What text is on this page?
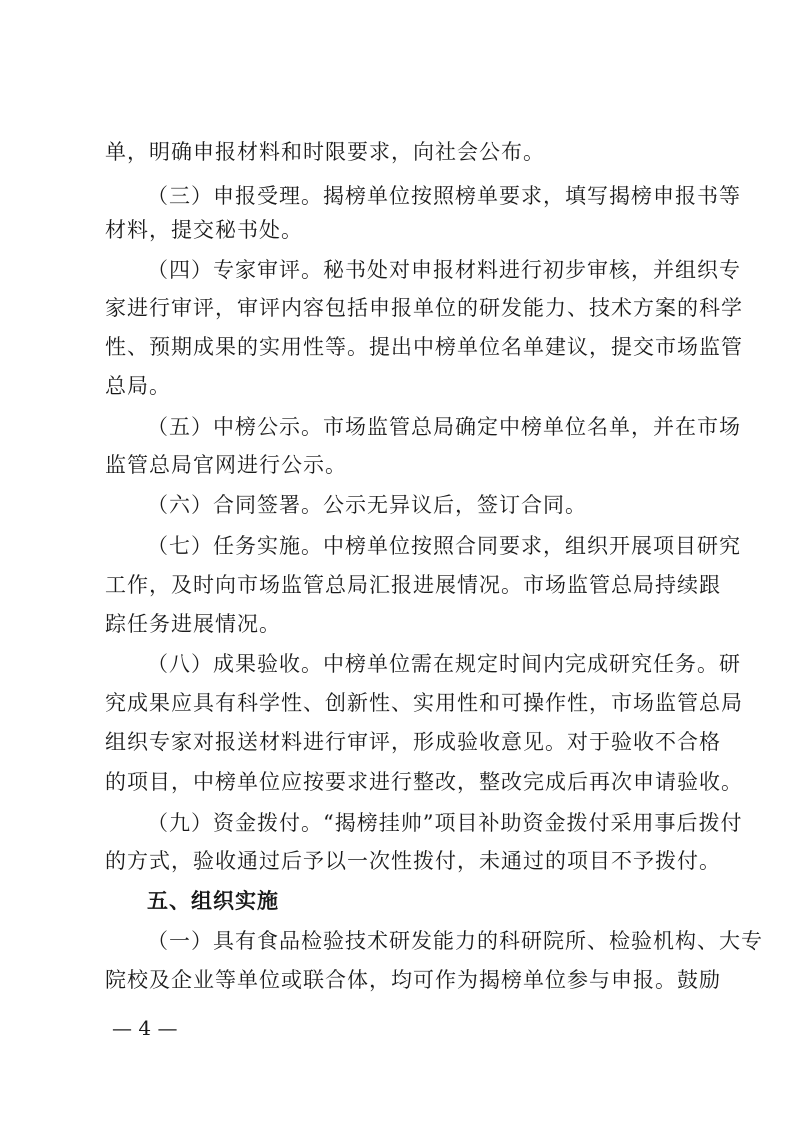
单，明确申报材料和时限要求，向社会公布。
（三）申报受理。揭榜单位按照榜单要求，填写揭榜申报书等
材料，提交秘书处。
（四）专家审评。秘书处对申报材料进行初步审核，并组织专
家进行审评，审评内容包括申报单位的研发能力、技术方案的科学
性、预期成果的实用性等。提出中榜单位名单建议，提交市场监管
总局。
（五）中榜公示。市场监管总局确定中榜单位名单，并在市场
监管总局官网进行公示。
（六）合同签署。公示无异议后，签订合同。
（七）任务实施。中榜单位按照合同要求，组织开展项目研究
工作，及时向市场监管总局汇报进展情况。市场监管总局持续跟
踪任务进展情况。
（八）成果验收。中榜单位需在规定时间内完成研究任务。研
究成果应具有科学性、创新性、实用性和可操作性，市场监管总局
组织专家对报送材料进行审评，形成验收意见。对于验收不合格
的项目，中榜单位应按要求进行整改，整改完成后再次申请验收。
（九）资金拨付。“揭榜挂帅”项目补助资金拨付采用事后拨付
的方式，验收通过后予以一次性拨付，未通过的项目不予拨付。
五、组织实施
（一）具有食品检验技术研发能力的科研院所、检验机构、大专
院校及企业等单位或联合体，均可作为揭榜单位参与申报。鼓励
— 4 —
